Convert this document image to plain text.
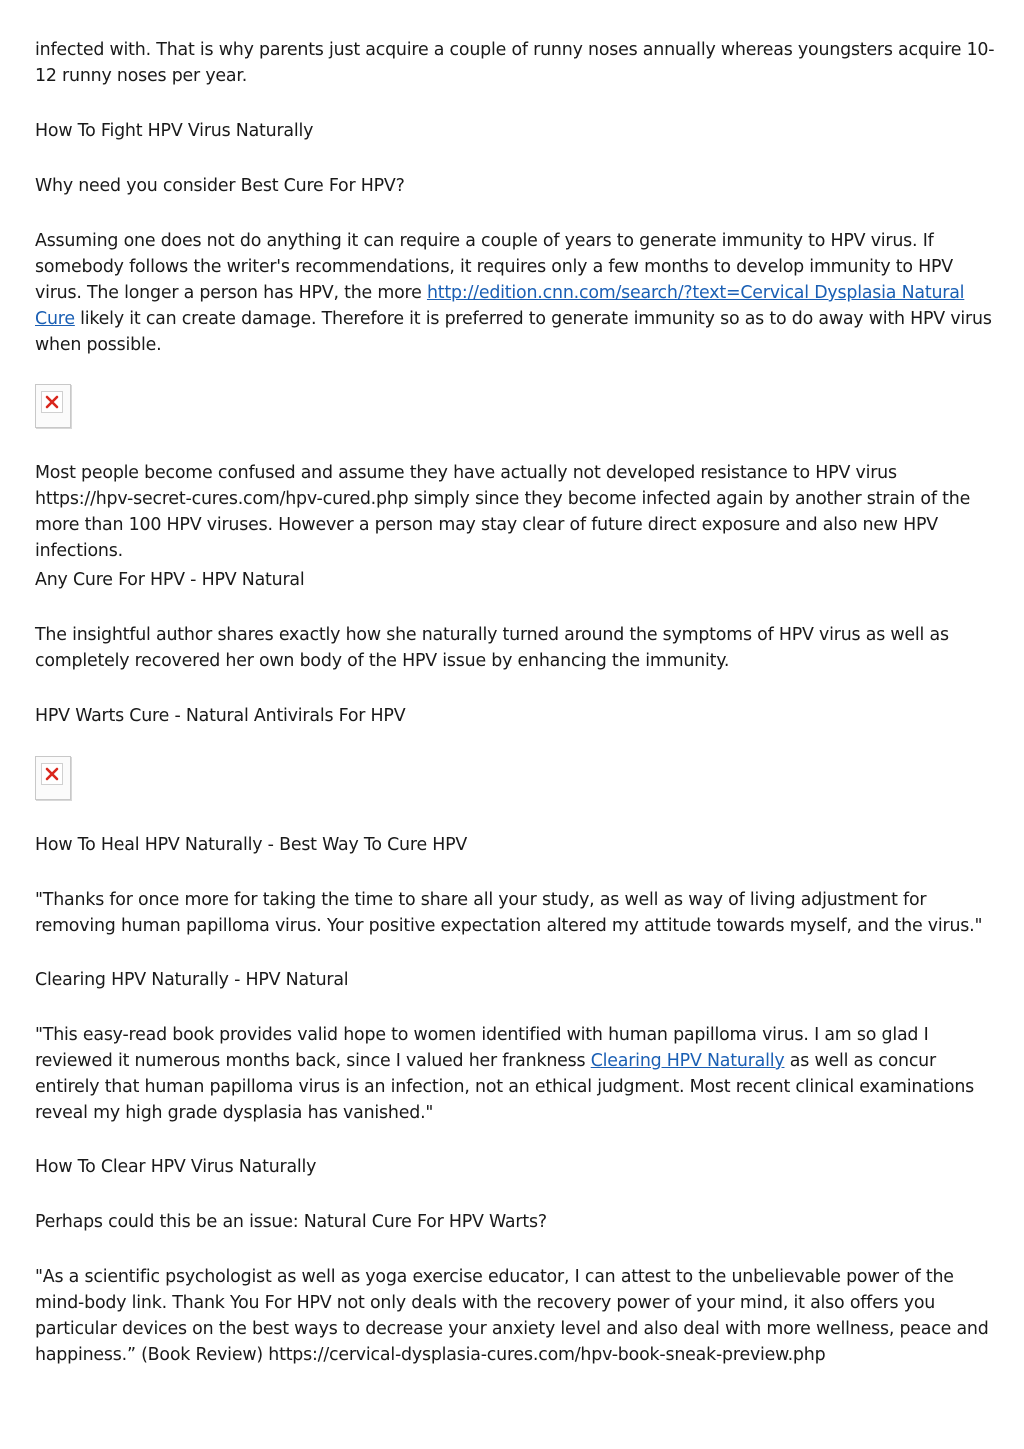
infected with. That is why parents just acquire a couple of runny noses annually whereas youngsters acquire 10-12 runny noses per year.

How To Fight HPV Virus Naturally

Why need you consider Best Cure For HPV?

Assuming one does not do anything it can require a couple of years to generate immunity to HPV virus. If somebody follows the writer's recommendations, it requires only a few months to develop immunity to HPV virus. The longer a person has HPV, the more http://edition.cnn.com/search/?text=Cervical Dysplasia Natural Cure likely it can create damage. Therefore it is preferred to generate immunity so as to do away with HPV virus when possible.

Most people become confused and assume they have actually not developed resistance to HPV virus https://hpv-secret-cures.com/hpv-cured.php simply since they become infected again by another strain of the more than 100 HPV viruses. However a person may stay clear of future direct exposure and also new HPV infections.

Any Cure For HPV - HPV Natural

The insightful author shares exactly how she naturally turned around the symptoms of HPV virus as well as completely recovered her own body of the HPV issue by enhancing the immunity.

HPV Warts Cure - Natural Antivirals For HPV

How To Heal HPV Naturally - Best Way To Cure HPV

"Thanks for once more for taking the time to share all your study, as well as way of living adjustment for removing human papilloma virus. Your positive expectation altered my attitude towards myself, and the virus."

Clearing HPV Naturally - HPV Natural

"This easy-read book provides valid hope to women identified with human papilloma virus. I am so glad I reviewed it numerous months back, since I valued her frankness Clearing HPV Naturally as well as concur entirely that human papilloma virus is an infection, not an ethical judgment. Most recent clinical examinations reveal my high grade dysplasia has vanished."

How To Clear HPV Virus Naturally

Perhaps could this be an issue: Natural Cure For HPV Warts?

"As a scientific psychologist as well as yoga exercise educator, I can attest to the unbelievable power of the mind-body link. Thank You For HPV not only deals with the recovery power of your mind, it also offers you particular devices on the best ways to decrease your anxiety level and also deal with more wellness, peace and happiness.” (Book Review) https://cervical-dysplasia-cures.com/hpv-book-sneak-preview.php
